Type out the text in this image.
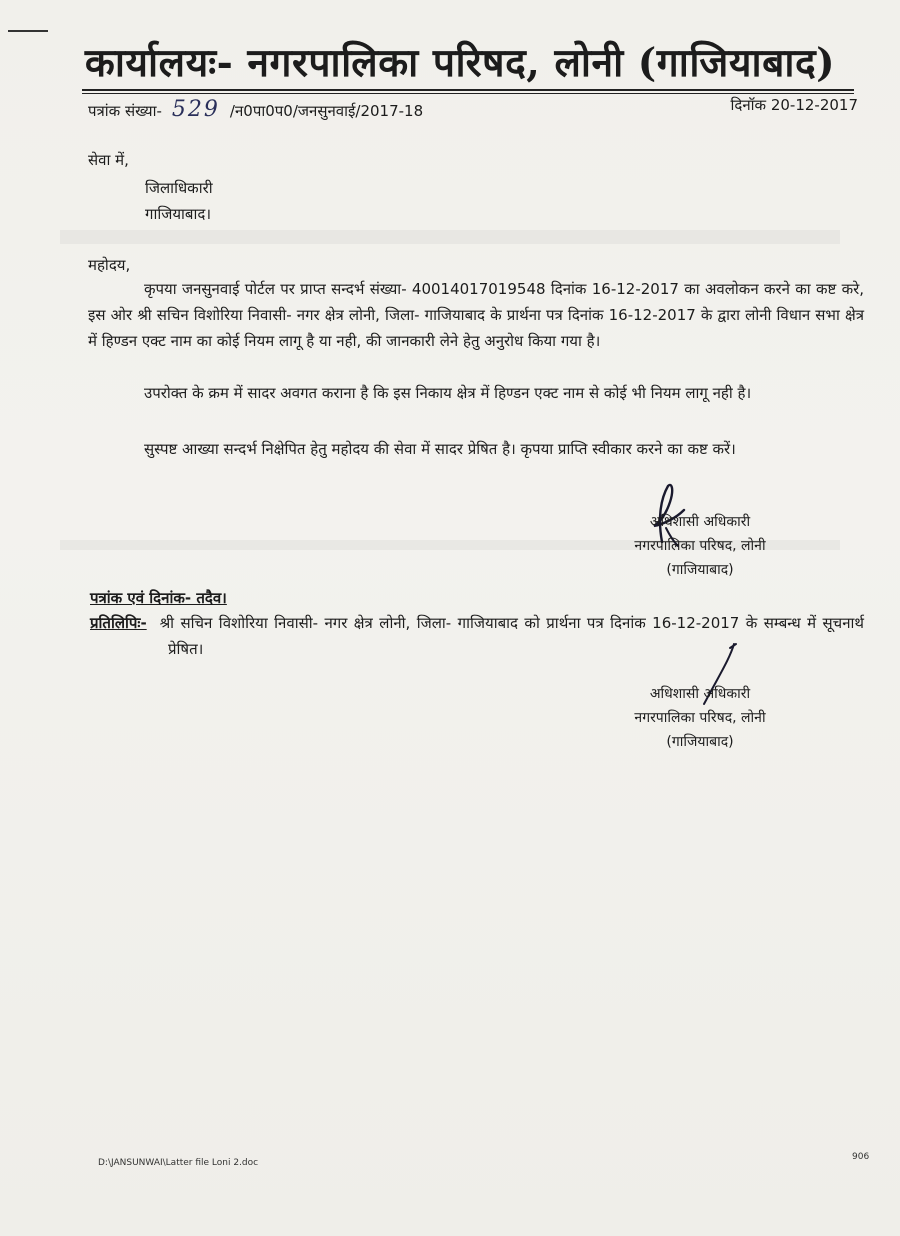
कार्यालयः- नगरपालिका परिषद, लोनी (गाजियाबाद)
पत्रांक संख्या- 529 /न0पा0प0/जनसुनवाई/2017-18	दिनॉक 20-12-2017
सेवा में,
जिलाधिकारी
गाजियाबाद।
महोदय,
कृपया जनसुनवाई पोर्टल पर प्राप्त सन्दर्भ संख्या- 40014017019548 दिनांक 16-12-2017 का अवलोकन करने का कष्ट करे, इस ओर श्री सचिन विशोरिया निवासी- नगर क्षेत्र लोनी, जिला- गाजियाबाद के प्रार्थना पत्र दिनांक 16-12-2017 के द्वारा लोनी विधान सभा क्षेत्र में हिण्डन एक्ट नाम का कोई नियम लागू है या नही, की जानकारी लेने हेतु अनुरोध किया गया है।
उपरोक्त के क्रम में सादर अवगत कराना है कि इस निकाय क्षेत्र में हिण्डन एक्ट नाम से कोई भी नियम लागू नही है।
सुस्पष्ट आख्या सन्दर्भ निक्षेपित हेतु महोदय की सेवा में सादर प्रेषित है। कृपया प्राप्ति स्वीकार करने का कष्ट करें।
अधिशासी अधिकारी
नगरपालिका परिषद, लोनी
(गाजियाबाद)
पत्रांक एवं दिनांक- तदैव।
प्रतिलिपिः- श्री सचिन विशोरिया निवासी- नगर क्षेत्र लोनी, जिला- गाजियाबाद को प्रार्थना पत्र दिनांक 16-12-2017 के सम्बन्ध में सूचनार्थ प्रेषित।
अधिशासी अधिकारी
नगरपालिका परिषद, लोनी
(गाजियाबाद)
D:\JANSUNWAI\Latter file Loni 2.doc
906
